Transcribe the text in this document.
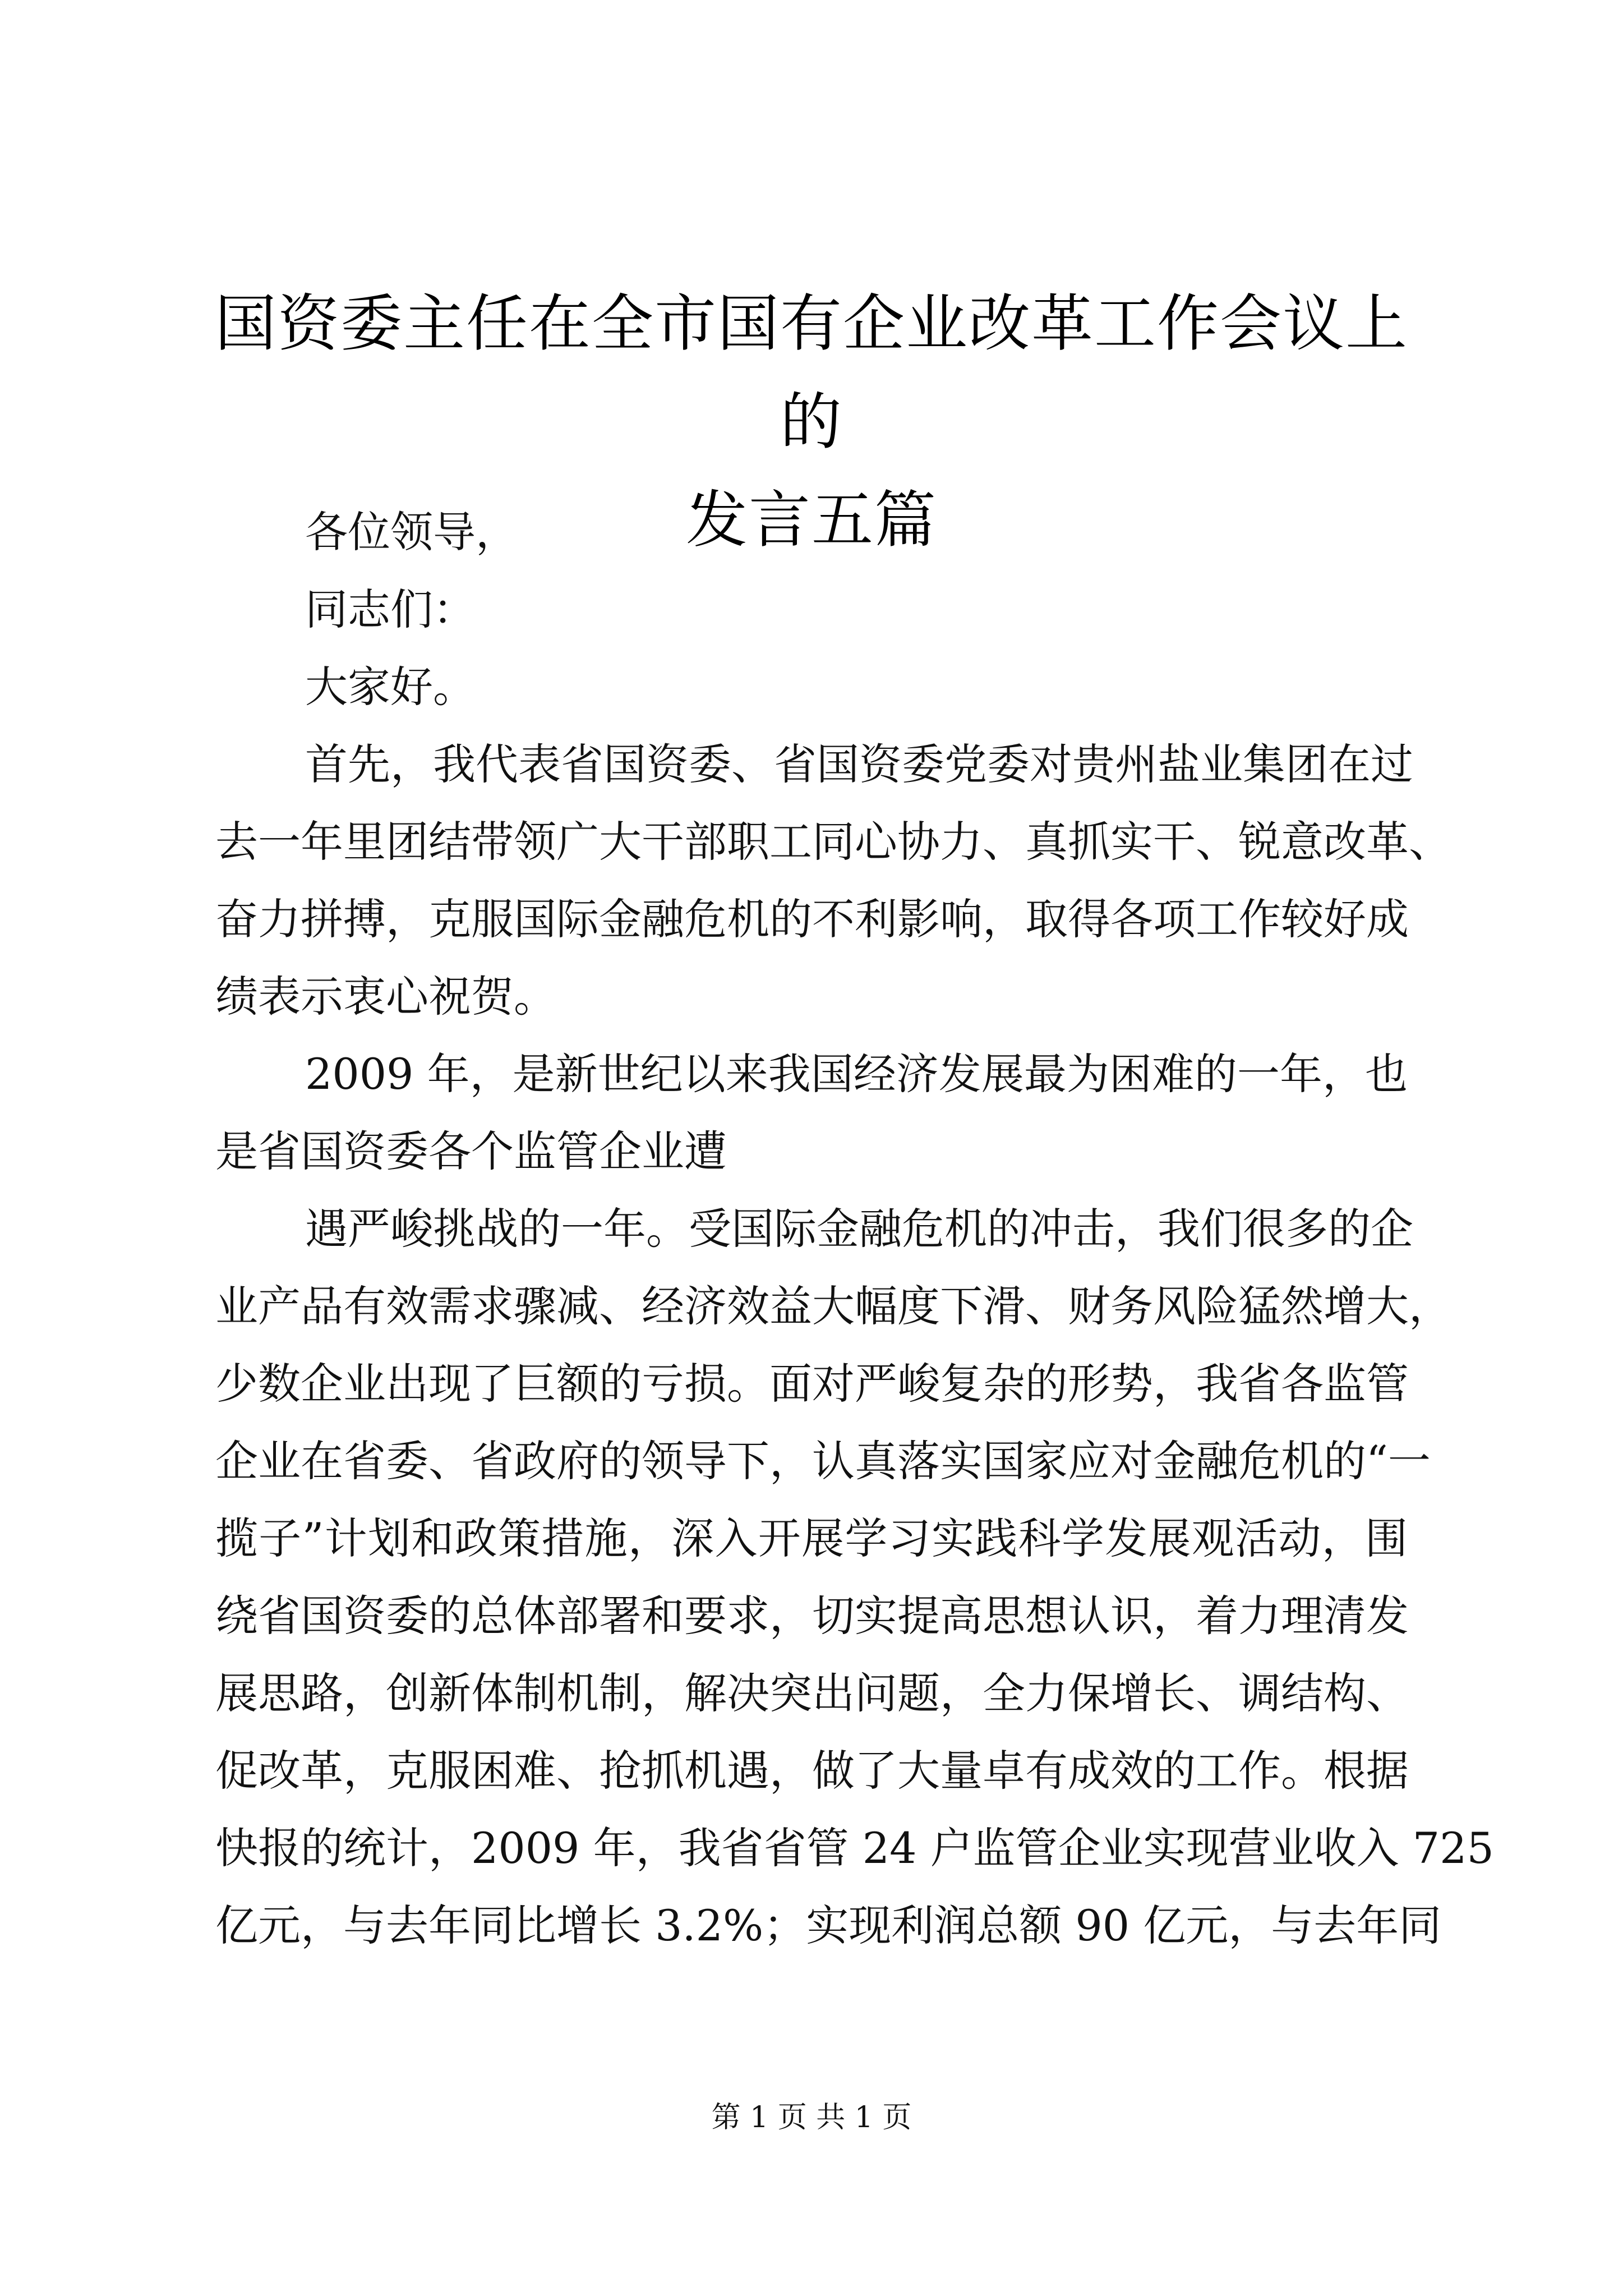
国资委主任在全市国有企业改革工作会议上的
发言五篇
各位领导，
同志们：
大家好。
首先，我代表省国资委、省国资委党委对贵州盐业集团在过
去一年里团结带领广大干部职工同心协力、真抓实干、锐意改革、
奋力拼搏，克服国际金融危机的不利影响，取得各项工作较好成
绩表示衷心祝贺。
2009 年，是新世纪以来我国经济发展最为困难的一年，也
是省国资委各个监管企业遭
遇严峻挑战的一年。受国际金融危机的冲击，我们很多的企
业产品有效需求骤减、经济效益大幅度下滑、财务风险猛然增大，
少数企业出现了巨额的亏损。面对严峻复杂的形势，我省各监管
企业在省委、省政府的领导下，认真落实国家应对金融危机的“一
揽子”计划和政策措施，深入开展学习实践科学发展观活动，围
绕省国资委的总体部署和要求，切实提高思想认识，着力理清发
展思路，创新体制机制，解决突出问题，全力保增长、调结构、
促改革，克服困难、抢抓机遇，做了大量卓有成效的工作。根据
快报的统计，2009 年，我省省管 24 户监管企业实现营业收入 725
亿元，与去年同比增长 3.2%；实现利润总额 90 亿元，与去年同
第 1 页 共 1 页
